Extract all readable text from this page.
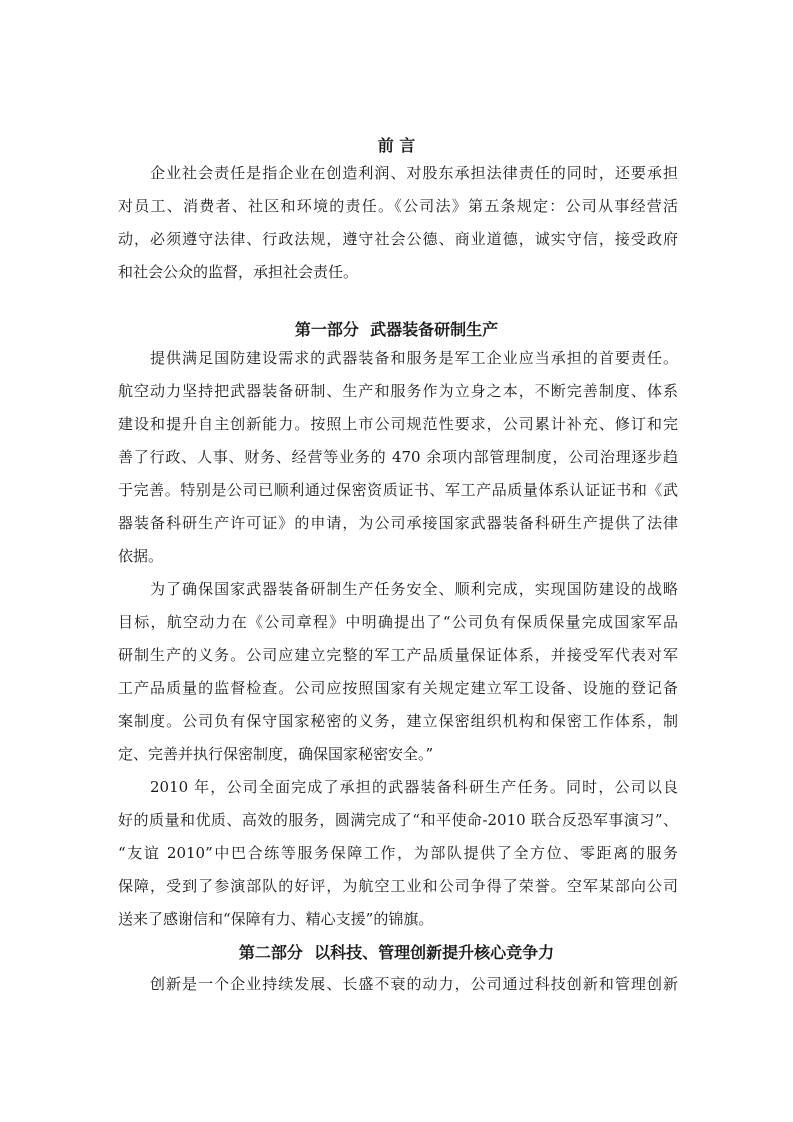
前 言
企业社会责任是指企业在创造利润、对股东承担法律责任的同时，还要承担
对员工、消费者、社区和环境的责任。《公司法》第五条规定：公司从事经营活
动，必须遵守法律、行政法规，遵守社会公德、商业道德，诚实守信，接受政府
和社会公众的监督，承担社会责任。
第一部分  武器装备研制生产
提供满足国防建设需求的武器装备和服务是军工企业应当承担的首要责任。
航空动力坚持把武器装备研制、生产和服务作为立身之本，不断完善制度、体系
建设和提升自主创新能力。按照上市公司规范性要求，公司累计补充、修订和完
善了行政、人事、财务、经营等业务的 470 余项内部管理制度，公司治理逐步趋
于完善。特别是公司已顺利通过保密资质证书、军工产品质量体系认证证书和《武
器装备科研生产许可证》的申请，为公司承接国家武器装备科研生产提供了法律
依据。
为了确保国家武器装备研制生产任务安全、顺利完成，实现国防建设的战略
目标，航空动力在《公司章程》中明确提出了“公司负有保质保量完成国家军品
研制生产的义务。公司应建立完整的军工产品质量保证体系，并接受军代表对军
工产品质量的监督检查。公司应按照国家有关规定建立军工设备、设施的登记备
案制度。公司负有保守国家秘密的义务，建立保密组织机构和保密工作体系，制
定、完善并执行保密制度，确保国家秘密安全。”
2010 年，公司全面完成了承担的武器装备科研生产任务。同时，公司以良
好的质量和优质、高效的服务，圆满完成了“和平使命-2010 联合反恐军事演习”、
“友谊 2010”中巴合练等服务保障工作，为部队提供了全方位、零距离的服务
保障，受到了参演部队的好评，为航空工业和公司争得了荣誉。空军某部向公司
送来了感谢信和“保障有力、精心支援”的锦旗。
第二部分  以科技、管理创新提升核心竞争力
创新是一个企业持续发展、长盛不衰的动力，公司通过科技创新和管理创新
